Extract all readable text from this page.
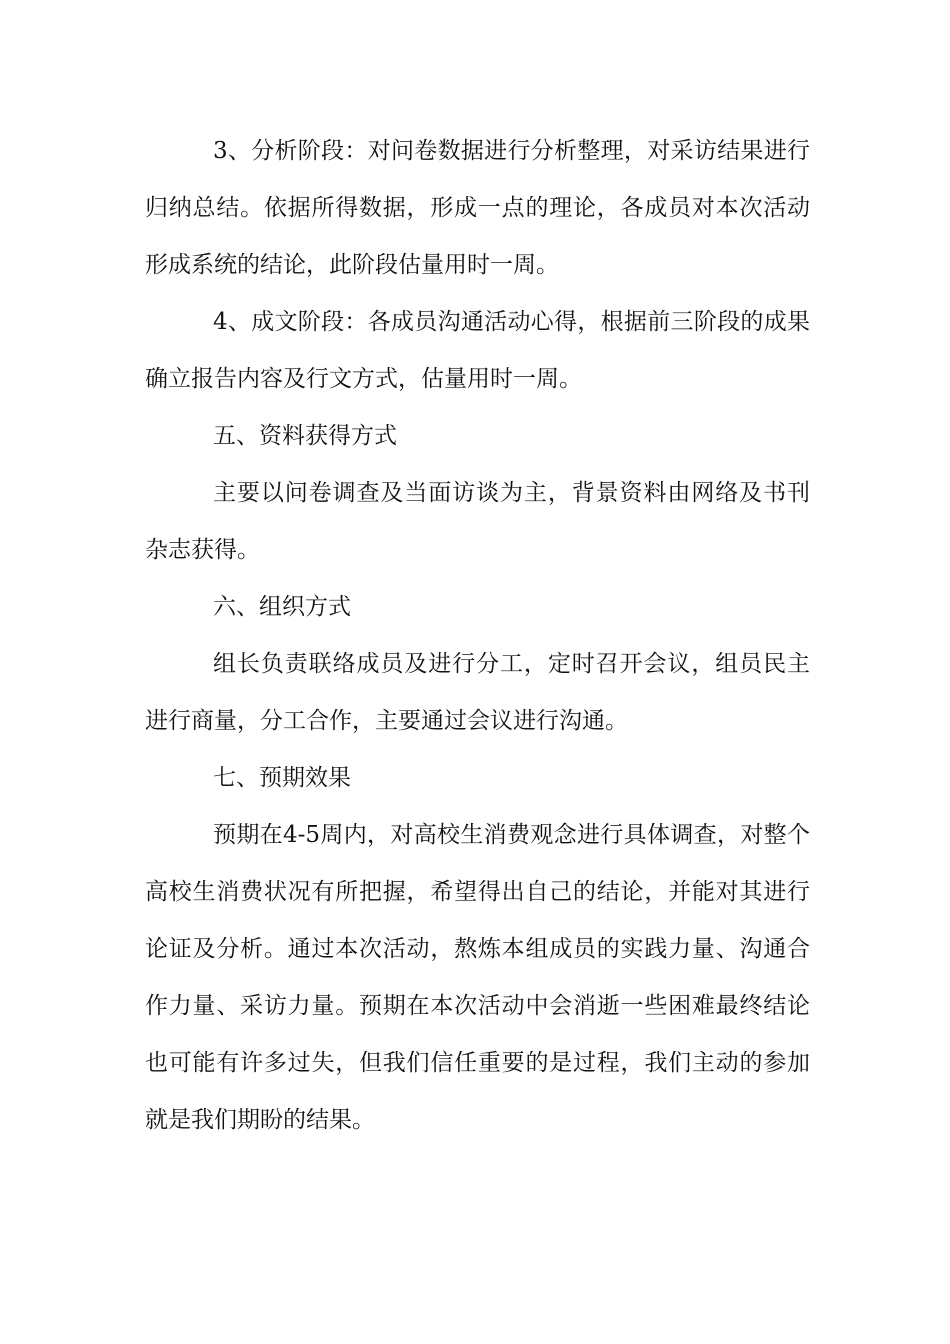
3、分析阶段：对问卷数据进行分析整理，对采访结果进行归纳总结。依据所得数据，形成一点的理论，各成员对本次活动形成系统的结论，此阶段估量用时一周。

4、成文阶段：各成员沟通活动心得，根据前三阶段的成果确立报告内容及行文方式，估量用时一周。

五、资料获得方式

主要以问卷调查及当面访谈为主，背景资料由网络及书刊杂志获得。

六、组织方式

组长负责联络成员及进行分工，定时召开会议，组员民主进行商量，分工合作，主要通过会议进行沟通。

七、预期效果

预期在4-5周内，对高校生消费观念进行具体调查，对整个高校生消费状况有所把握，希望得出自己的结论，并能对其进行论证及分析。通过本次活动，熬炼本组成员的实践力量、沟通合作力量、采访力量。预期在本次活动中会消逝一些困难最终结论也可能有许多过失，但我们信任重要的是过程，我们主动的参加就是我们期盼的结果。
